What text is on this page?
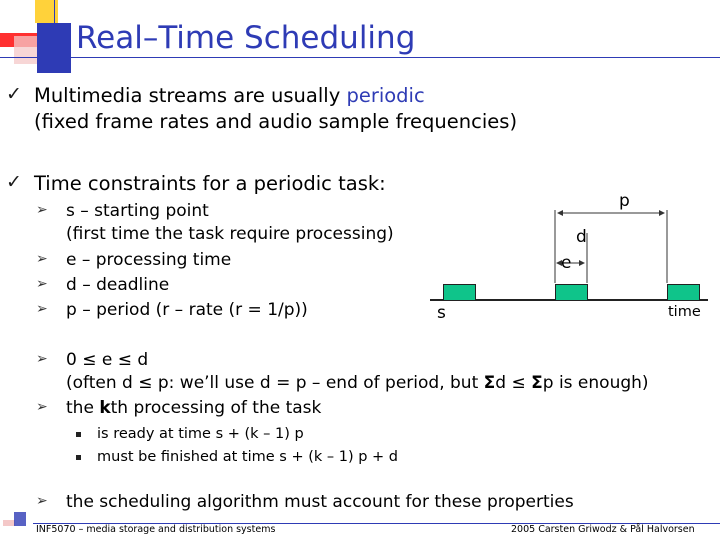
Real–Time Scheduling
✓ Multimedia streams are usually periodic
(fixed frame rates and audio sample frequencies)
✓ Time constraints for a periodic task:
➢ s – starting point
(first time the task require processing)
➢ e – processing time
➢ d – deadline
➢ p – period (r – rate (r = 1/p))
p
d
e
s	time
➢ 0 ≤ e ≤ d
(often d ≤ p: we’ll use d = p – end of period, but Σd ≤ Σp is enough)
➢ the kth processing of the task
is ready at time s + (k – 1) p
must be finished at time s + (k – 1) p + d
➢ the scheduling algorithm must account for these properties
INF5070 – media storage and distribution systems	2005 Carsten Griwodz & Pål Halvorsen
